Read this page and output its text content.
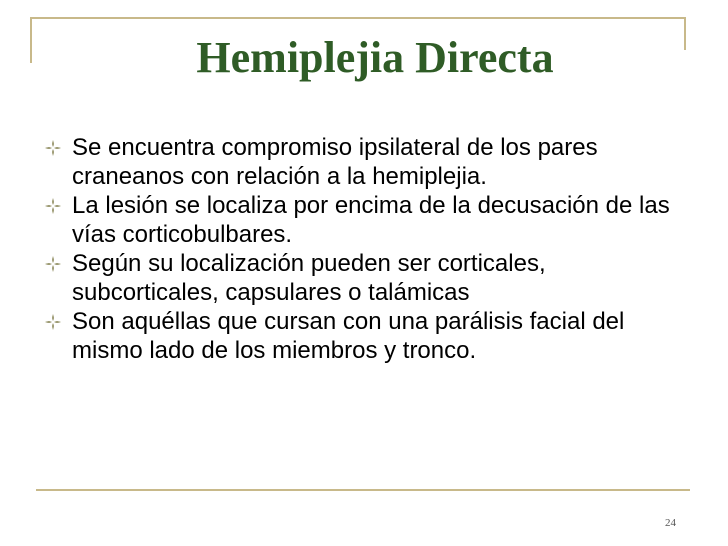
Hemiplejia Directa
Se encuentra compromiso ipsilateral de los pares craneanos con relación a la hemiplejia.
La lesión se localiza por encima de la decusación de las vías corticobulbares.
Según su localización pueden ser corticales, subcorticales, capsulares o talámicas
Son aquéllas que cursan con una parálisis facial del mismo lado de los miembros y tronco.
24
